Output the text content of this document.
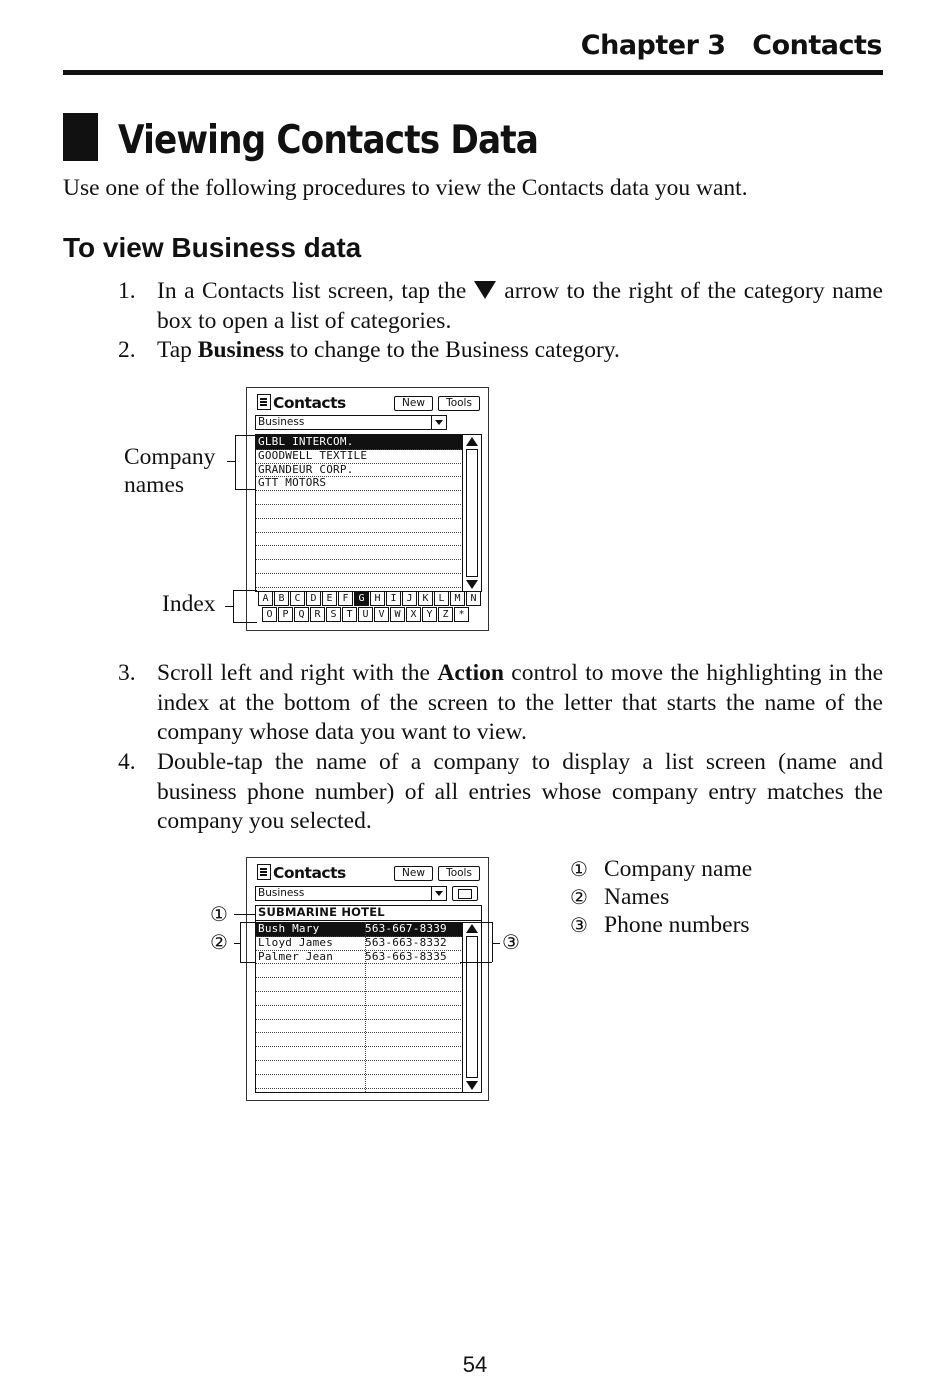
Chapter 3 Contacts
Viewing Contacts Data
Use one of the following procedures to view the Contacts data you want.
To view Business data
1. In a Contacts list screen, tap the arrow to the right of the category name box to open a list of categories.
2. Tap Business to change to the Business category.
Contacts	New	Tools
Business
GLBL INTERCOM.
GOODWELL TEXTILE
GRANDEUR CORP.
GTT MOTORS
A B C D E F G H I J K L M N
O P Q R S T U V W X Y Z *
Company
names
Index
3. Scroll left and right with the Action control to move the highlighting in the index at the bottom of the screen to the letter that starts the name of the company whose data you want to view.
4. Double-tap the name of a company to display a list screen (name and business phone number) of all entries whose company entry matches the company you selected.
Contacts	New	Tools
Business
SUBMARINE HOTEL
Bush Mary	563-667-8339
Lloyd James	563-663-8332
Palmer Jean	563-663-8335
①
②	③
① Company name
② Names
③ Phone numbers
54
